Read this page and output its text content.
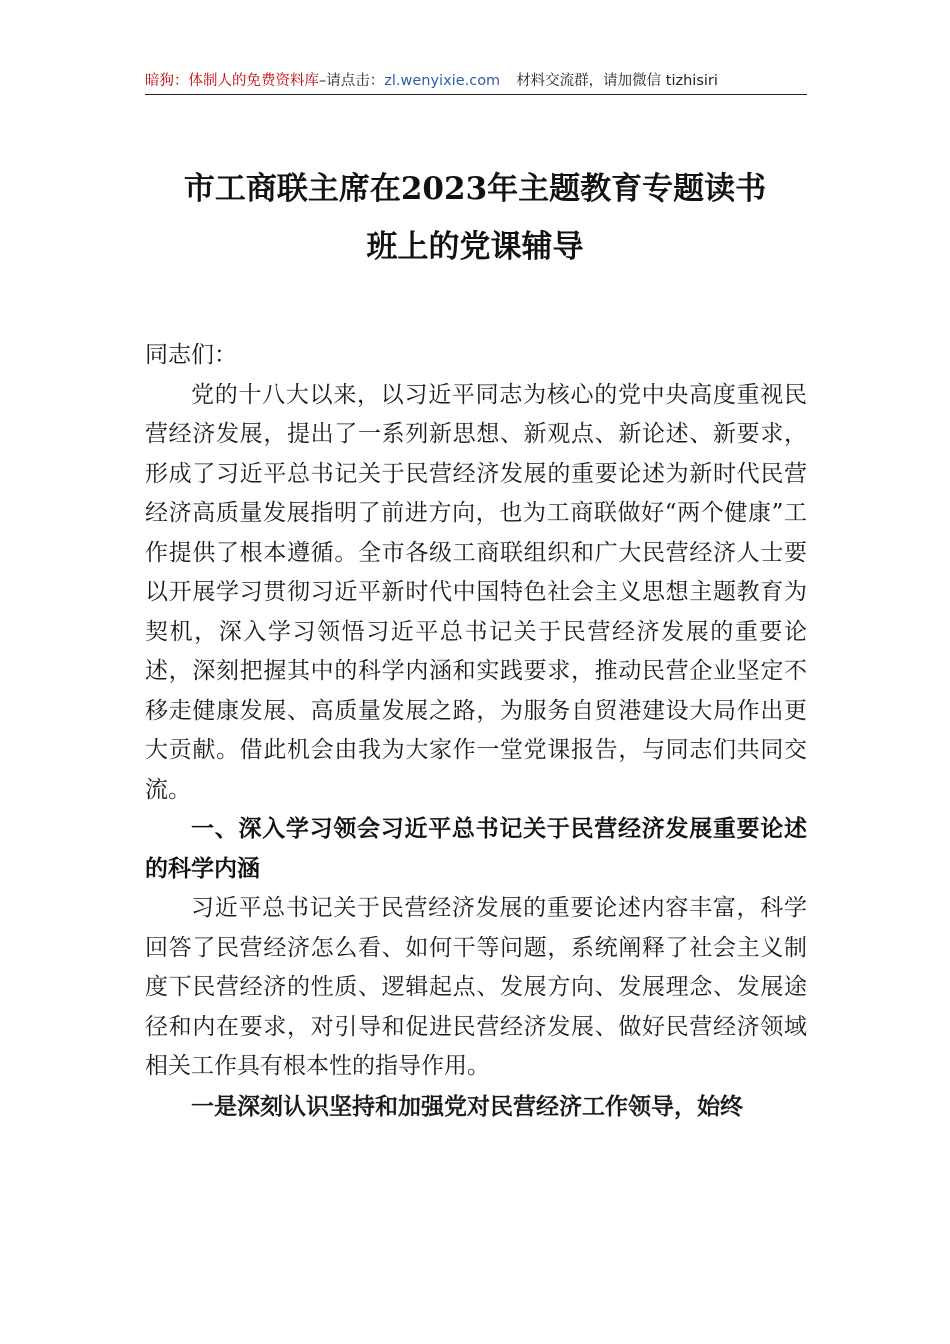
暗狗：体制人的免费资料库–请点击：zl.wenyixie.com 材料交流群，请加微信 tizhisiri
市工商联主席在2023年主题教育专题读书
班上的党课辅导

同志们：

党的十八大以来，以习近平同志为核心的党中央高度重视民营经济发展，提出了一系列新思想、新观点、新论述、新要求，形成了习近平总书记关于民营经济发展的重要论述为新时代民营经济高质量发展指明了前进方向，也为工商联做好“两个健康”工作提供了根本遵循。全市各级工商联组织和广大民营经济人士要以开展学习贯彻习近平新时代中国特色社会主义思想主题教育为契机，深入学习领悟习近平总书记关于民营经济发展的重要论述，深刻把握其中的科学内涵和实践要求，推动民营企业坚定不移走健康发展、高质量发展之路，为服务自贸港建设大局作出更大贡献。借此机会由我为大家作一堂党课报告，与同志们共同交流。

一、深入学习领会习近平总书记关于民营经济发展重要论述的科学内涵

习近平总书记关于民营经济发展的重要论述内容丰富，科学回答了民营经济怎么看、如何干等问题，系统阐释了社会主义制度下民营经济的性质、逻辑起点、发展方向、发展理念、发展途径和内在要求，对引导和促进民营经济发展、做好民营经济领域相关工作具有根本性的指导作用。

一是深刻认识坚持和加强党对民营经济工作领导，始终
